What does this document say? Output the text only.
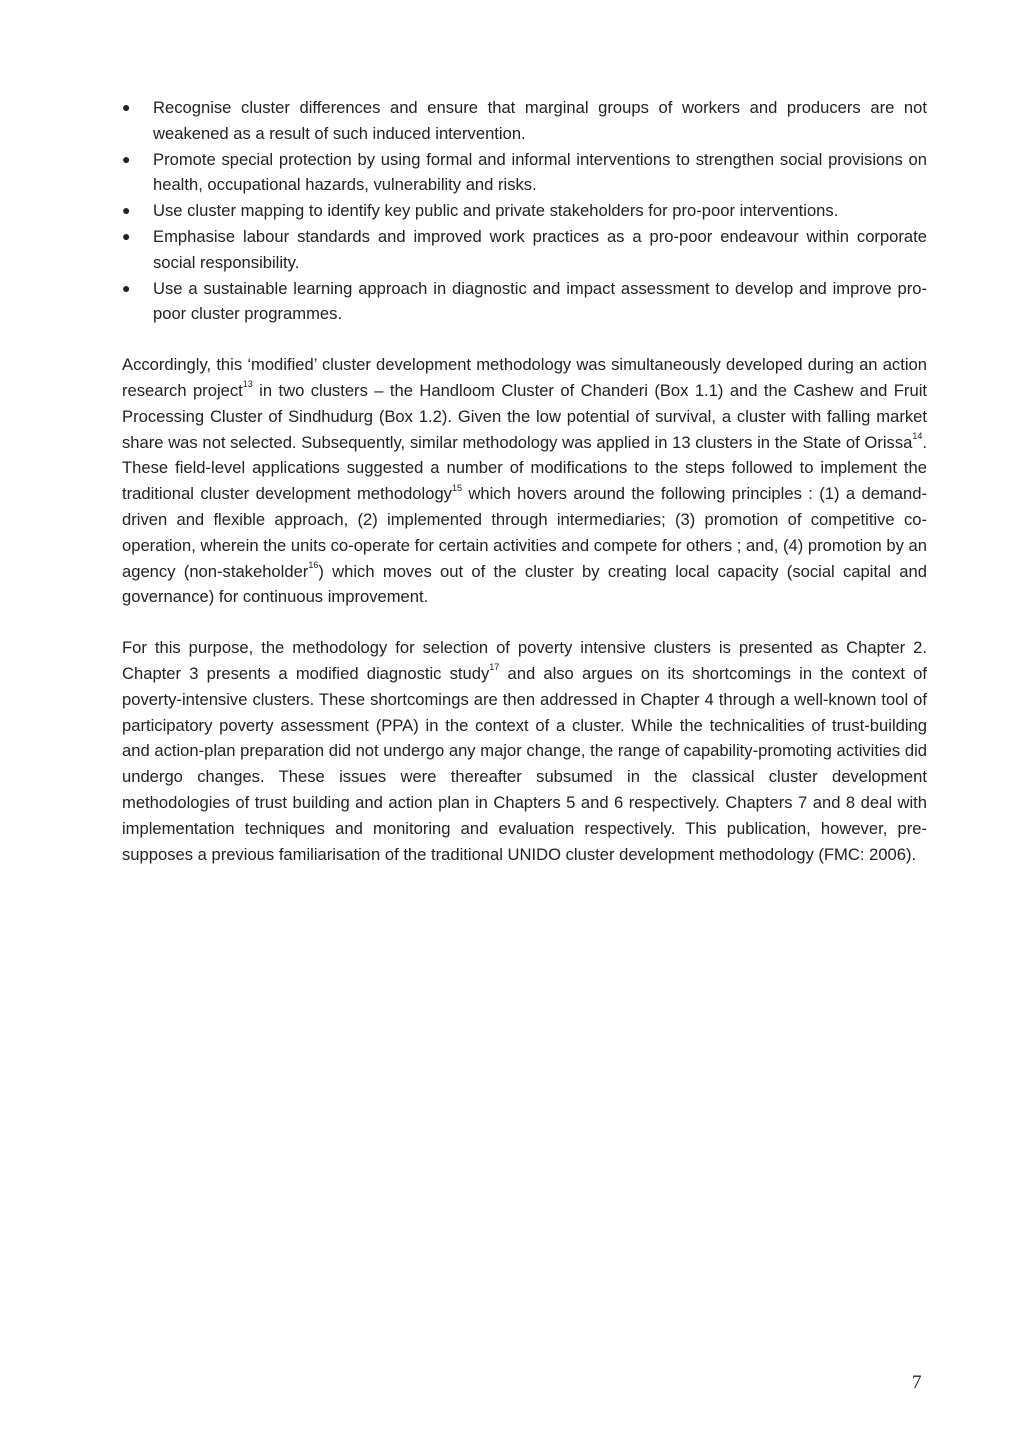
● Recognise cluster differences and ensure that marginal groups of workers and producers are not weakened as a result of such induced intervention.
● Promote special protection by using formal and informal interventions to strengthen social provisions on health, occupational hazards, vulnerability and risks.
● Use cluster mapping to identify key public and private stakeholders for pro-poor interventions.
● Emphasise labour standards and improved work practices as a pro-poor endeavour within corporate social responsibility.
● Use a sustainable learning approach in diagnostic and impact assessment to develop and improve pro-poor cluster programmes.

Accordingly, this ‘modified’ cluster development methodology was simultaneously developed during an action research project$^{13}$ in two clusters – the Handloom Cluster of Chanderi (Box 1.1) and the Cashew and Fruit Processing Cluster of Sindhudurg (Box 1.2). Given the low potential of survival, a cluster with falling market share was not selected. Subsequently, similar methodology was applied in 13 clusters in the State of Orissa$^{14}$. These field-level applications suggested a number of modifications to the steps followed to implement the traditional cluster development methodology$^{15}$ which hovers around the following principles : (1) a demand-driven and flexible approach, (2) implemented through intermediaries; (3) promotion of competitive co-operation, wherein the units co-operate for certain activities and compete for others ; and, (4) promotion by an agency (non-stakeholder$^{16}$) which moves out of the cluster by creating local capacity (social capital and governance) for continuous improvement.

For this purpose, the methodology for selection of poverty intensive clusters is presented as Chapter 2. Chapter 3 presents a modified diagnostic study$^{17}$ and also argues on its shortcomings in the context of poverty-intensive clusters. These shortcomings are then addressed in Chapter 4 through a well-known tool of participatory poverty assessment (PPA) in the context of a cluster. While the technicalities of trust-building and action-plan preparation did not undergo any major change, the range of capability-promoting activities did undergo changes. These issues were thereafter subsumed in the classical cluster development methodologies of trust building and action plan in Chapters 5 and 6 respectively. Chapters 7 and 8 deal with implementation techniques and monitoring and evaluation respectively. This publication, however, pre-supposes a previous familiarisation of the traditional UNIDO cluster development methodology (FMC: 2006).

7
